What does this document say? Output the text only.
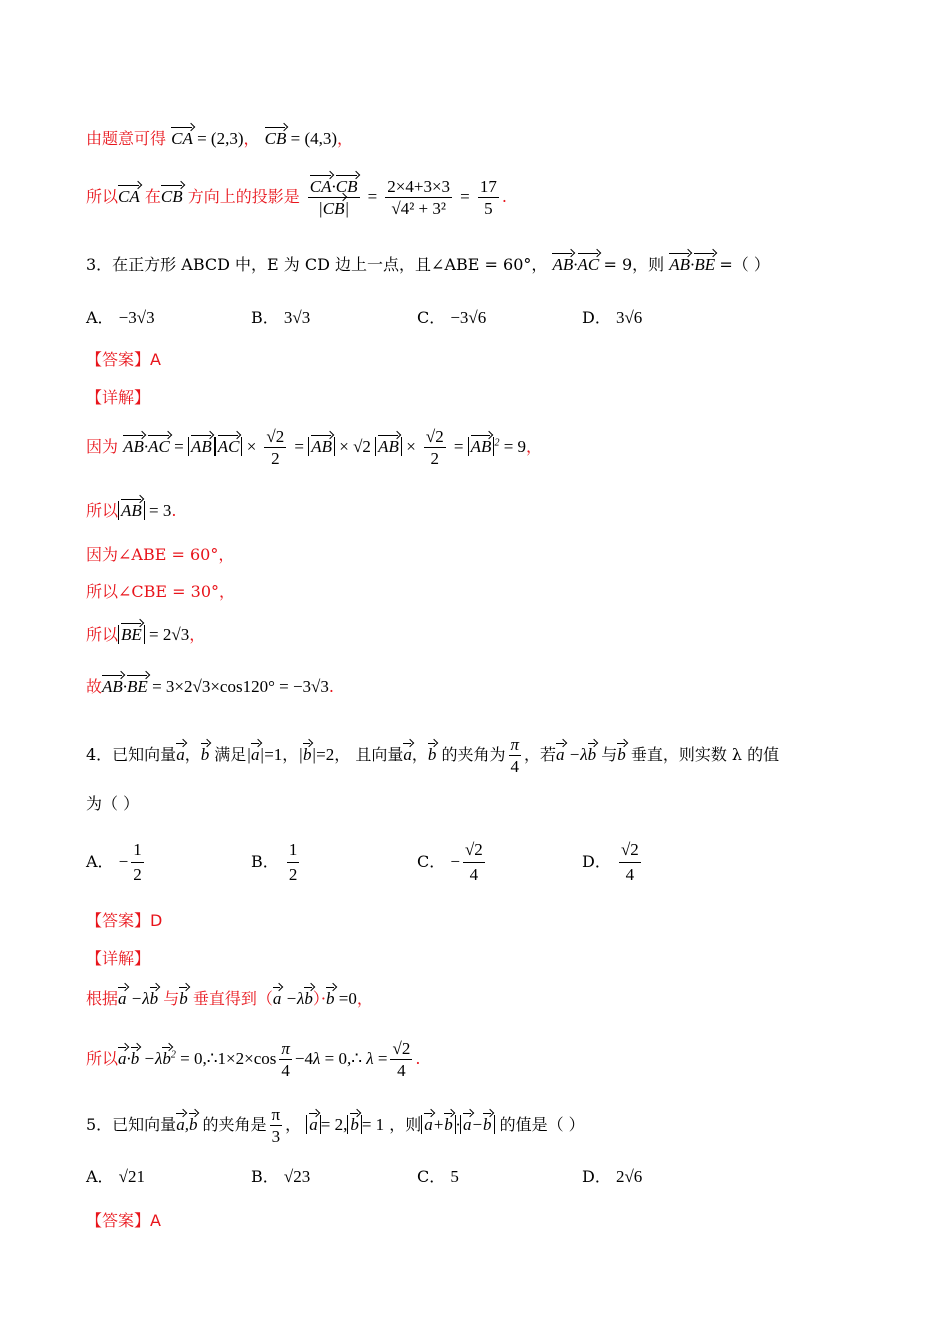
由题意可得 CA = (2,3)， CB = (4,3)，
所以CA 在CB 方向上的投影是 $\frac{CA\cdot CB}{|CB|} = \frac{2\times 4+3\times 3}{\text{√4² + 3²}} = \frac{17}{5}$ .
3．在正方形 ABCD 中，E 为 CD 边上一点，且∠ABE = 60°， AB·AC = 9，则 AB·BE =（ ）
A． −3√3	B． 3√3	C． −3√6	D． 3√6
【答案】A
【详解】
因为 AB·AC = AB AC × $\frac{√2}{2}$ = AB × √2 AB × $\frac{√2}{2}$ = AB $^2$ = 9，
所以 AB = 3.
因为∠ABE = 60°，
所以∠CBE = 30°，
所以 BE = 2√3，
故AB·BE = 3×2√3×cos120° = −3√3.
4．已知向量a，b 满足|a|=1，|b|=2， 且向量a，b 的夹角为 $\frac{\pi}{4}$ ，若a −λb 与b 垂直，则实数 λ 的值
为（ ）
A． − $\frac{1}{2}$	B． $\frac{1}{2}$	C． − $\frac{√2}{4}$	D． $\frac{√2}{4}$
【答案】D
【详解】
根据a −λb 与b 垂直得到（a −λb）·b =0，
所以$a\cdot b -\lambda b^2$ = 0,∴1×2×cos $\frac{\pi}{4} -4\lambda$ = 0,∴ $\lambda = \frac{√2}{4}$ .
5．已知向量a,b 的夹角是 $\frac{\pi}{3}$ ， a = 2, b = 1 ，则 a+b · a−b 的值是（ ）
A． √21	B． √23	C． 5	D． 2√6
【答案】A
